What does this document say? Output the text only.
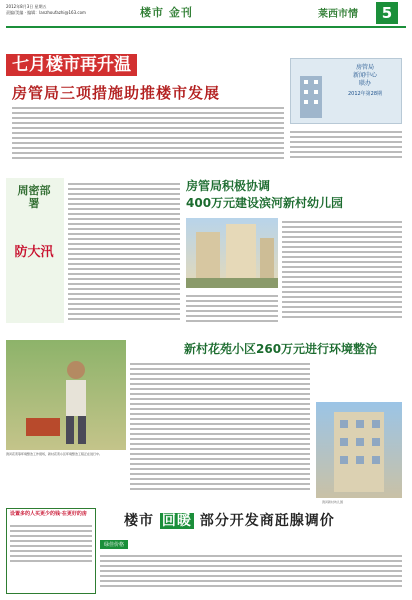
2012年8月3日 星期五
责编/美编 · 编辑：lanzhoufazhi@163.com	楼市 金刊	莱西市情	5
七月楼市再升温
房管局三项措施助推楼市发展
房管局
新闻中心
联办
2012年第28期
周密部署
防大汛
房管局积极协调
400万元建设滨河新村幼儿园
新村花苑小区260万元进行环境整治
滨河花苑等环境整治工作现场，新村花苑小区环境整治工程正在进行中。
滨河新村幼儿园
设置多的人买更少的钱·在更好的房	楼市 回暖 部分开发商瓩腺调价
绿佳价格
